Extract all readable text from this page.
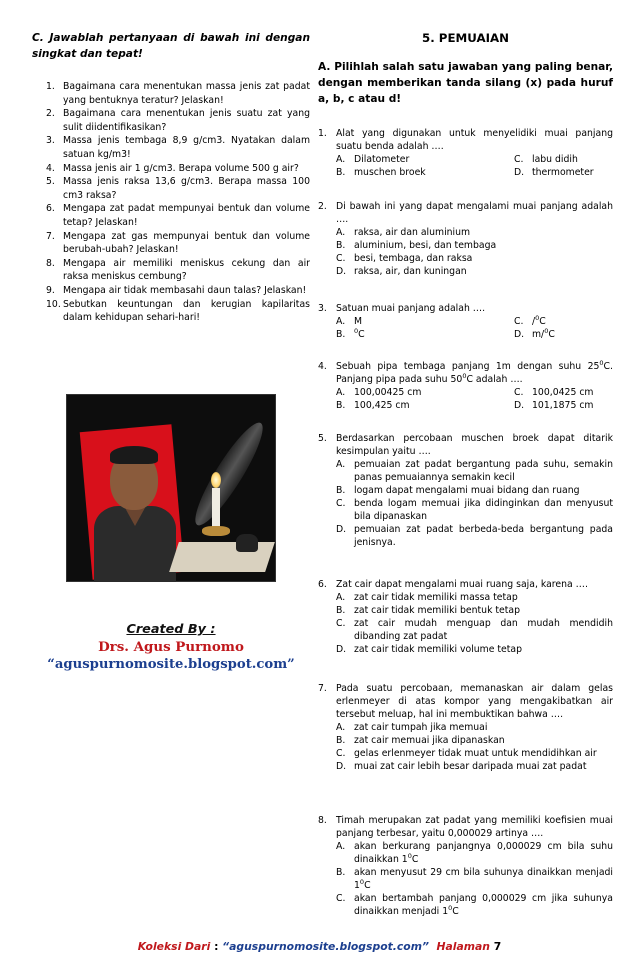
C. Jawablah pertanyaan di bawah ini dengan singkat dan tepat!
1. Bagaimana cara menentukan massa jenis zat padat yang bentuknya teratur? Jelaskan!
2. Bagaimana cara menentukan jenis suatu zat yang sulit diidentifikasikan?
3. Massa jenis tembaga 8,9 g/cm3. Nyatakan dalam satuan kg/m3!
4. Massa jenis air 1 g/cm3. Berapa volume 500 g air?
5. Massa jenis raksa 13,6 g/cm3. Berapa massa 100 cm3 raksa?
6. Mengapa zat padat mempunyai bentuk dan volume tetap? Jelaskan!
7. Mengapa zat gas mempunyai bentuk dan volume berubah-ubah? Jelaskan!
8. Mengapa air memiliki meniskus cekung dan air raksa meniskus cembung?
9. Mengapa air tidak membasahi daun talas? Jelaskan!
10. Sebutkan keuntungan dan kerugian kapilaritas dalam kehidupan sehari-hari!
Created By :
Drs. Agus Purnomo
“aguspurnomosite.blogspot.com”
5. PEMUAIAN
A. Pilihlah salah satu jawaban yang paling benar, dengan memberikan tanda silang (x) pada huruf a, b, c atau d!
1. Alat yang digunakan untuk menyelidiki muai panjang suatu benda adalah ….
A. Dilatometer	C. labu didih
B. muschen broek	D. thermometer
2. Di bawah ini yang dapat mengalami muai panjang adalah ….
A. raksa, air dan aluminium
B. aluminium, besi, dan tembaga
C. besi, tembaga, dan raksa
D. raksa, air, dan kuningan
3. Satuan muai panjang adalah ….
A. M	C. /$^0$C
B. $^0$C	D. m/$^0$C
4. Sebuah pipa tembaga panjang 1m dengan suhu $25^0C$. Panjang pipa pada suhu $50^0C$ adalah ….
A. 100,00425 cm	C. 100,0425 cm
B. 100,425 cm	D. 101,1875 cm
5. Berdasarkan percobaan muschen broek dapat ditarik kesimpulan yaitu ….
A. pemuaian zat padat bergantung pada suhu, semakin panas pemuaiannya semakin kecil
B. logam dapat mengalami muai bidang dan ruang
C. benda logam memuai jika didinginkan dan menyusut bila dipanaskan
D. pemuaian zat padat berbeda-beda bergantung pada jenisnya.
6. Zat cair dapat mengalami muai ruang saja, karena ….
A. zat cair tidak memiliki massa tetap
B. zat cair tidak memiliki bentuk tetap
C. zat cair mudah menguap dan mudah mendidih dibanding zat padat
D. zat cair tidak memiliki volume tetap
7. Pada suatu percobaan, memanaskan air dalam gelas erlenmeyer di atas kompor yang mengakibatkan air tersebut meluap, hal ini membuktikan bahwa ….
A. zat cair tumpah jika memuai
B. zat cair memuai jika dipanaskan
C. gelas erlenmeyer tidak muat untuk mendidihkan air
D. muai zat cair lebih besar daripada muai zat padat
8. Timah merupakan zat padat yang memiliki koefisien muai panjang terbesar, yaitu 0,000029 artinya ….
A. akan berkurang panjangnya 0,000029 cm bila suhu dinaikkan $1^0C$
B. akan menyusut 29 cm bila suhunya dinaikkan menjadi $1^0C$
C. akan bertambah panjang 0,000029 cm jika suhunya dinaikkan menjadi $1^0C$
Koleksi Dari : “aguspurnomosite.blogspot.com” Halaman 7
